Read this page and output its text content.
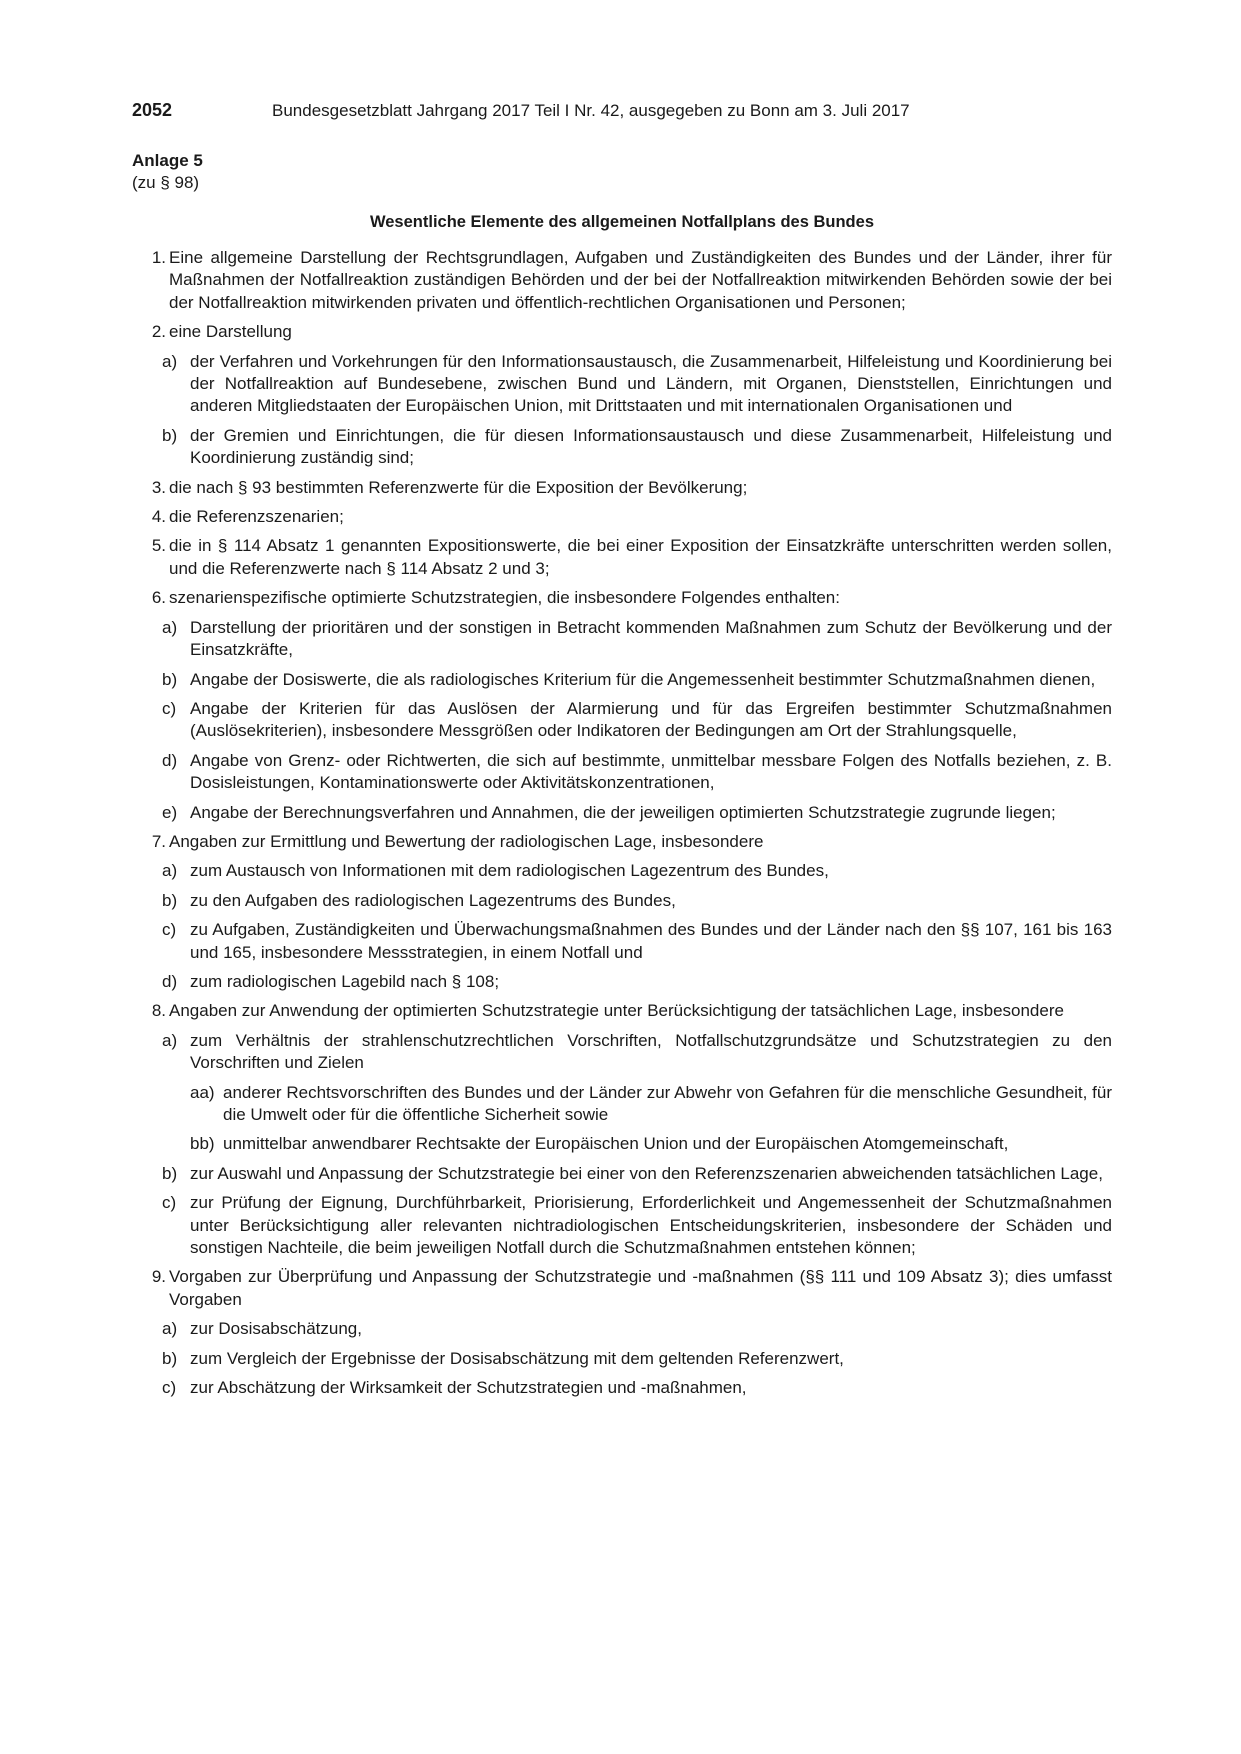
2052	Bundesgesetzblatt Jahrgang 2017 Teil I Nr. 42, ausgegeben zu Bonn am 3. Juli 2017
Anlage 5
(zu § 98)
Wesentliche Elemente des allgemeinen Notfallplans des Bundes
1. Eine allgemeine Darstellung der Rechtsgrundlagen, Aufgaben und Zuständigkeiten des Bundes und der Länder, ihrer für Maßnahmen der Notfallreaktion zuständigen Behörden und der bei der Notfallreaktion mitwirkenden Behörden sowie der bei der Notfallreaktion mitwirkenden privaten und öffentlich-rechtlichen Organisationen und Personen;
2. eine Darstellung
a) der Verfahren und Vorkehrungen für den Informationsaustausch, die Zusammenarbeit, Hilfeleistung und Koordinierung bei der Notfallreaktion auf Bundesebene, zwischen Bund und Ländern, mit Organen, Dienststellen, Einrichtungen und anderen Mitgliedstaaten der Europäischen Union, mit Drittstaaten und mit internationalen Organisationen und
b) der Gremien und Einrichtungen, die für diesen Informationsaustausch und diese Zusammenarbeit, Hilfeleistung und Koordinierung zuständig sind;
3. die nach § 93 bestimmten Referenzwerte für die Exposition der Bevölkerung;
4. die Referenzszenarien;
5. die in § 114 Absatz 1 genannten Expositionswerte, die bei einer Exposition der Einsatzkräfte unterschritten werden sollen, und die Referenzwerte nach § 114 Absatz 2 und 3;
6. szenarienspezifische optimierte Schutzstrategien, die insbesondere Folgendes enthalten:
a) Darstellung der prioritären und der sonstigen in Betracht kommenden Maßnahmen zum Schutz der Bevölkerung und der Einsatzkräfte,
b) Angabe der Dosiswerte, die als radiologisches Kriterium für die Angemessenheit bestimmter Schutzmaßnahmen dienen,
c) Angabe der Kriterien für das Auslösen der Alarmierung und für das Ergreifen bestimmter Schutzmaßnahmen (Auslösekriterien), insbesondere Messgrößen oder Indikatoren der Bedingungen am Ort der Strahlungsquelle,
d) Angabe von Grenz- oder Richtwerten, die sich auf bestimmte, unmittelbar messbare Folgen des Notfalls beziehen, z. B. Dosisleistungen, Kontaminationswerte oder Aktivitätskonzentrationen,
e) Angabe der Berechnungsverfahren und Annahmen, die der jeweiligen optimierten Schutzstrategie zugrunde liegen;
7. Angaben zur Ermittlung und Bewertung der radiologischen Lage, insbesondere
a) zum Austausch von Informationen mit dem radiologischen Lagezentrum des Bundes,
b) zu den Aufgaben des radiologischen Lagezentrums des Bundes,
c) zu Aufgaben, Zuständigkeiten und Überwachungsmaßnahmen des Bundes und der Länder nach den §§ 107, 161 bis 163 und 165, insbesondere Messstrategien, in einem Notfall und
d) zum radiologischen Lagebild nach § 108;
8. Angaben zur Anwendung der optimierten Schutzstrategie unter Berücksichtigung der tatsächlichen Lage, insbesondere
a) zum Verhältnis der strahlenschutzrechtlichen Vorschriften, Notfallschutzgrundsätze und Schutzstrategien zu den Vorschriften und Zielen
aa) anderer Rechtsvorschriften des Bundes und der Länder zur Abwehr von Gefahren für die menschliche Gesundheit, für die Umwelt oder für die öffentliche Sicherheit sowie
bb) unmittelbar anwendbarer Rechtsakte der Europäischen Union und der Europäischen Atomgemeinschaft,
b) zur Auswahl und Anpassung der Schutzstrategie bei einer von den Referenzszenarien abweichenden tatsächlichen Lage,
c) zur Prüfung der Eignung, Durchführbarkeit, Priorisierung, Erforderlichkeit und Angemessenheit der Schutzmaßnahmen unter Berücksichtigung aller relevanten nichtradiologischen Entscheidungskriterien, insbesondere der Schäden und sonstigen Nachteile, die beim jeweiligen Notfall durch die Schutzmaßnahmen entstehen können;
9. Vorgaben zur Überprüfung und Anpassung der Schutzstrategie und -maßnahmen (§§ 111 und 109 Absatz 3); dies umfasst Vorgaben
a) zur Dosisabschätzung,
b) zum Vergleich der Ergebnisse der Dosisabschätzung mit dem geltenden Referenzwert,
c) zur Abschätzung der Wirksamkeit der Schutzstrategien und -maßnahmen,
